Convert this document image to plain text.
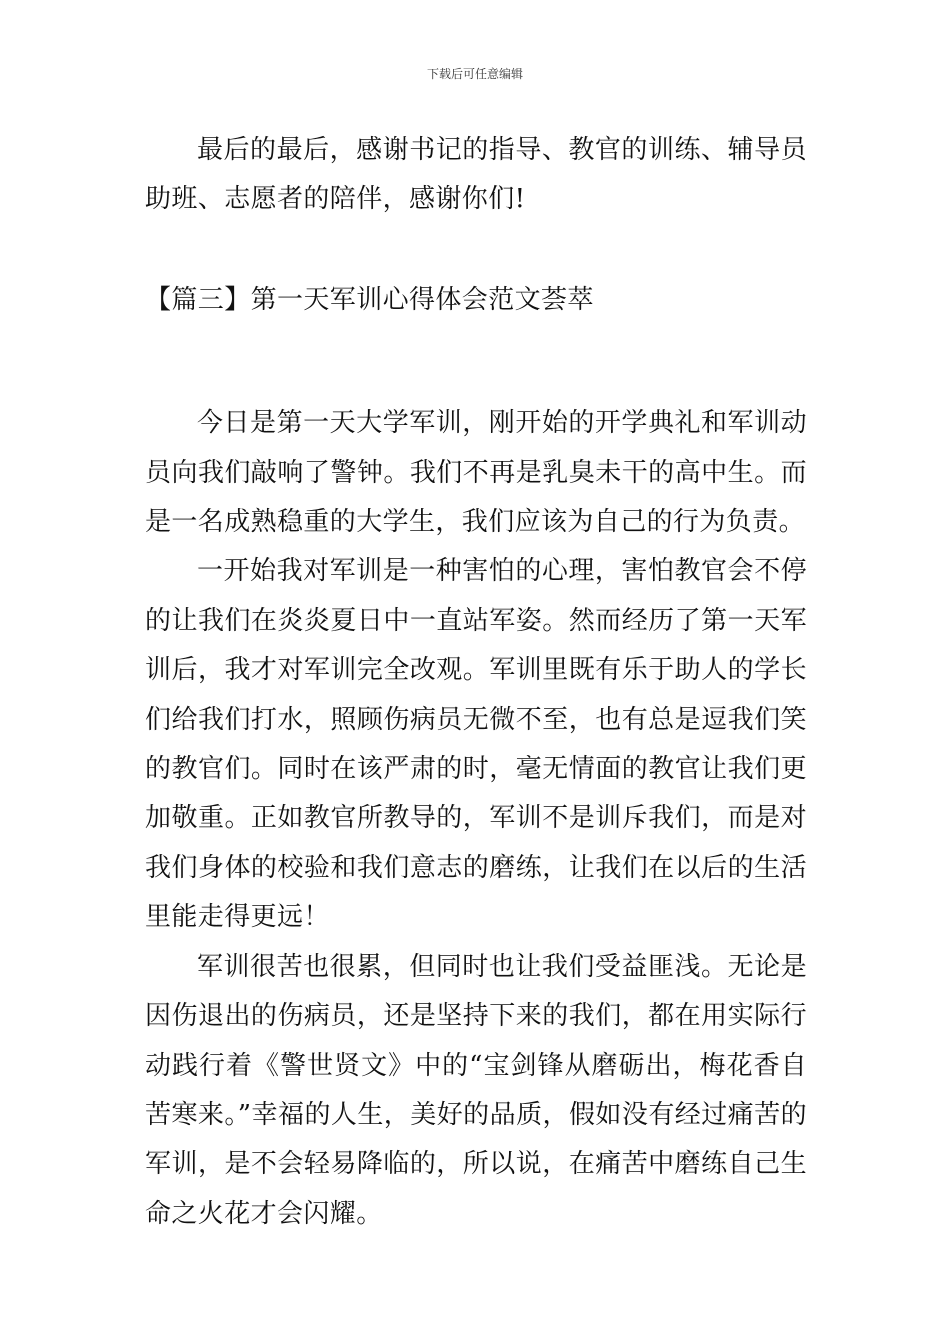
下载后可任意编辑

最后的最后，感谢书记的指导、教官的训练、辅导员助班、志愿者的陪伴，感谢你们!

【篇三】第一天军训心得体会范文荟萃

今日是第一天大学军训，刚开始的开学典礼和军训动员向我们敲响了警钟。我们不再是乳臭未干的高中生。而是一名成熟稳重的大学生，我们应该为自己的行为负责。

一开始我对军训是一种害怕的心理，害怕教官会不停的让我们在炎炎夏日中一直站军姿。然而经历了第一天军训后，我才对军训完全改观。军训里既有乐于助人的学长们给我们打水，照顾伤病员无微不至，也有总是逗我们笑的教官们。同时在该严肃的时，毫无情面的教官让我们更加敬重。正如教官所教导的，军训不是训斥我们，而是对我们身体的校验和我们意志的磨练，让我们在以后的生活里能走得更远！

军训很苦也很累，但同时也让我们受益匪浅。无论是因伤退出的伤病员，还是坚持下来的我们，都在用实际行动践行着《警世贤文》中的“宝剑锋从磨砺出，梅花香自苦寒来。”幸福的人生，美好的品质，假如没有经过痛苦的军训，是不会轻易降临的，所以说，在痛苦中磨练自己生命之火花才会闪耀。
